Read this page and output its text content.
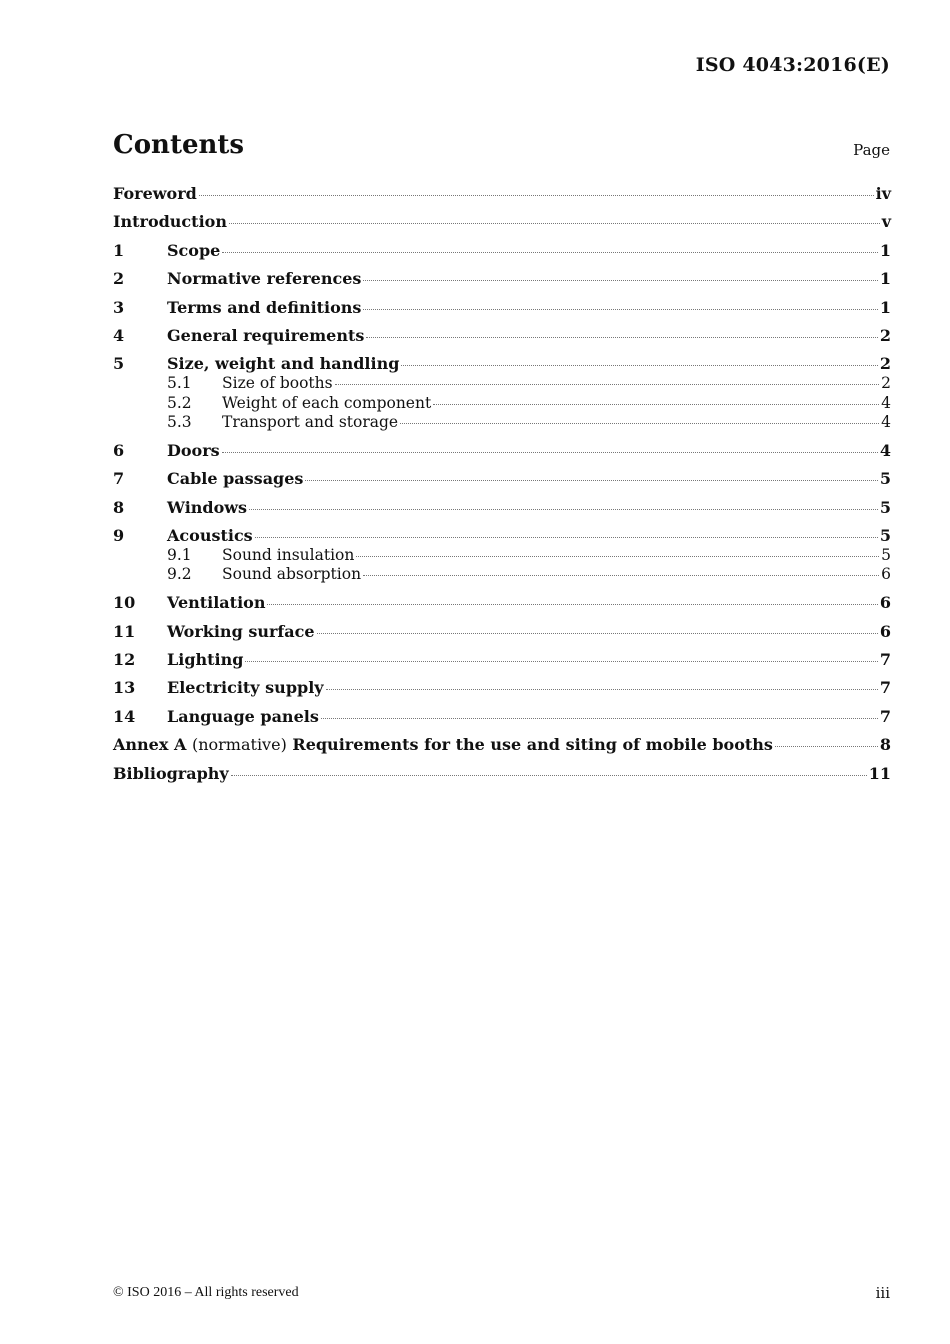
ISO 4043:2016(E)
Contents	Page
Foreword	iv
Introduction	v
1	Scope	1
2	Normative references	1
3	Terms and definitions	1
4	General requirements	2
5	Size, weight and handling	2
5.1	Size of booths	2
5.2	Weight of each component	4
5.3	Transport and storage	4
6	Doors	4
7	Cable passages	5
8	Windows	5
9	Acoustics	5
9.1	Sound insulation	5
9.2	Sound absorption	6
10	Ventilation	6
11	Working surface	6
12	Lighting	7
13	Electricity supply	7
14	Language panels	7
Annex A (normative) Requirements for the use and siting of mobile booths	8
Bibliography	11
© ISO 2016 – All rights reserved	iii
